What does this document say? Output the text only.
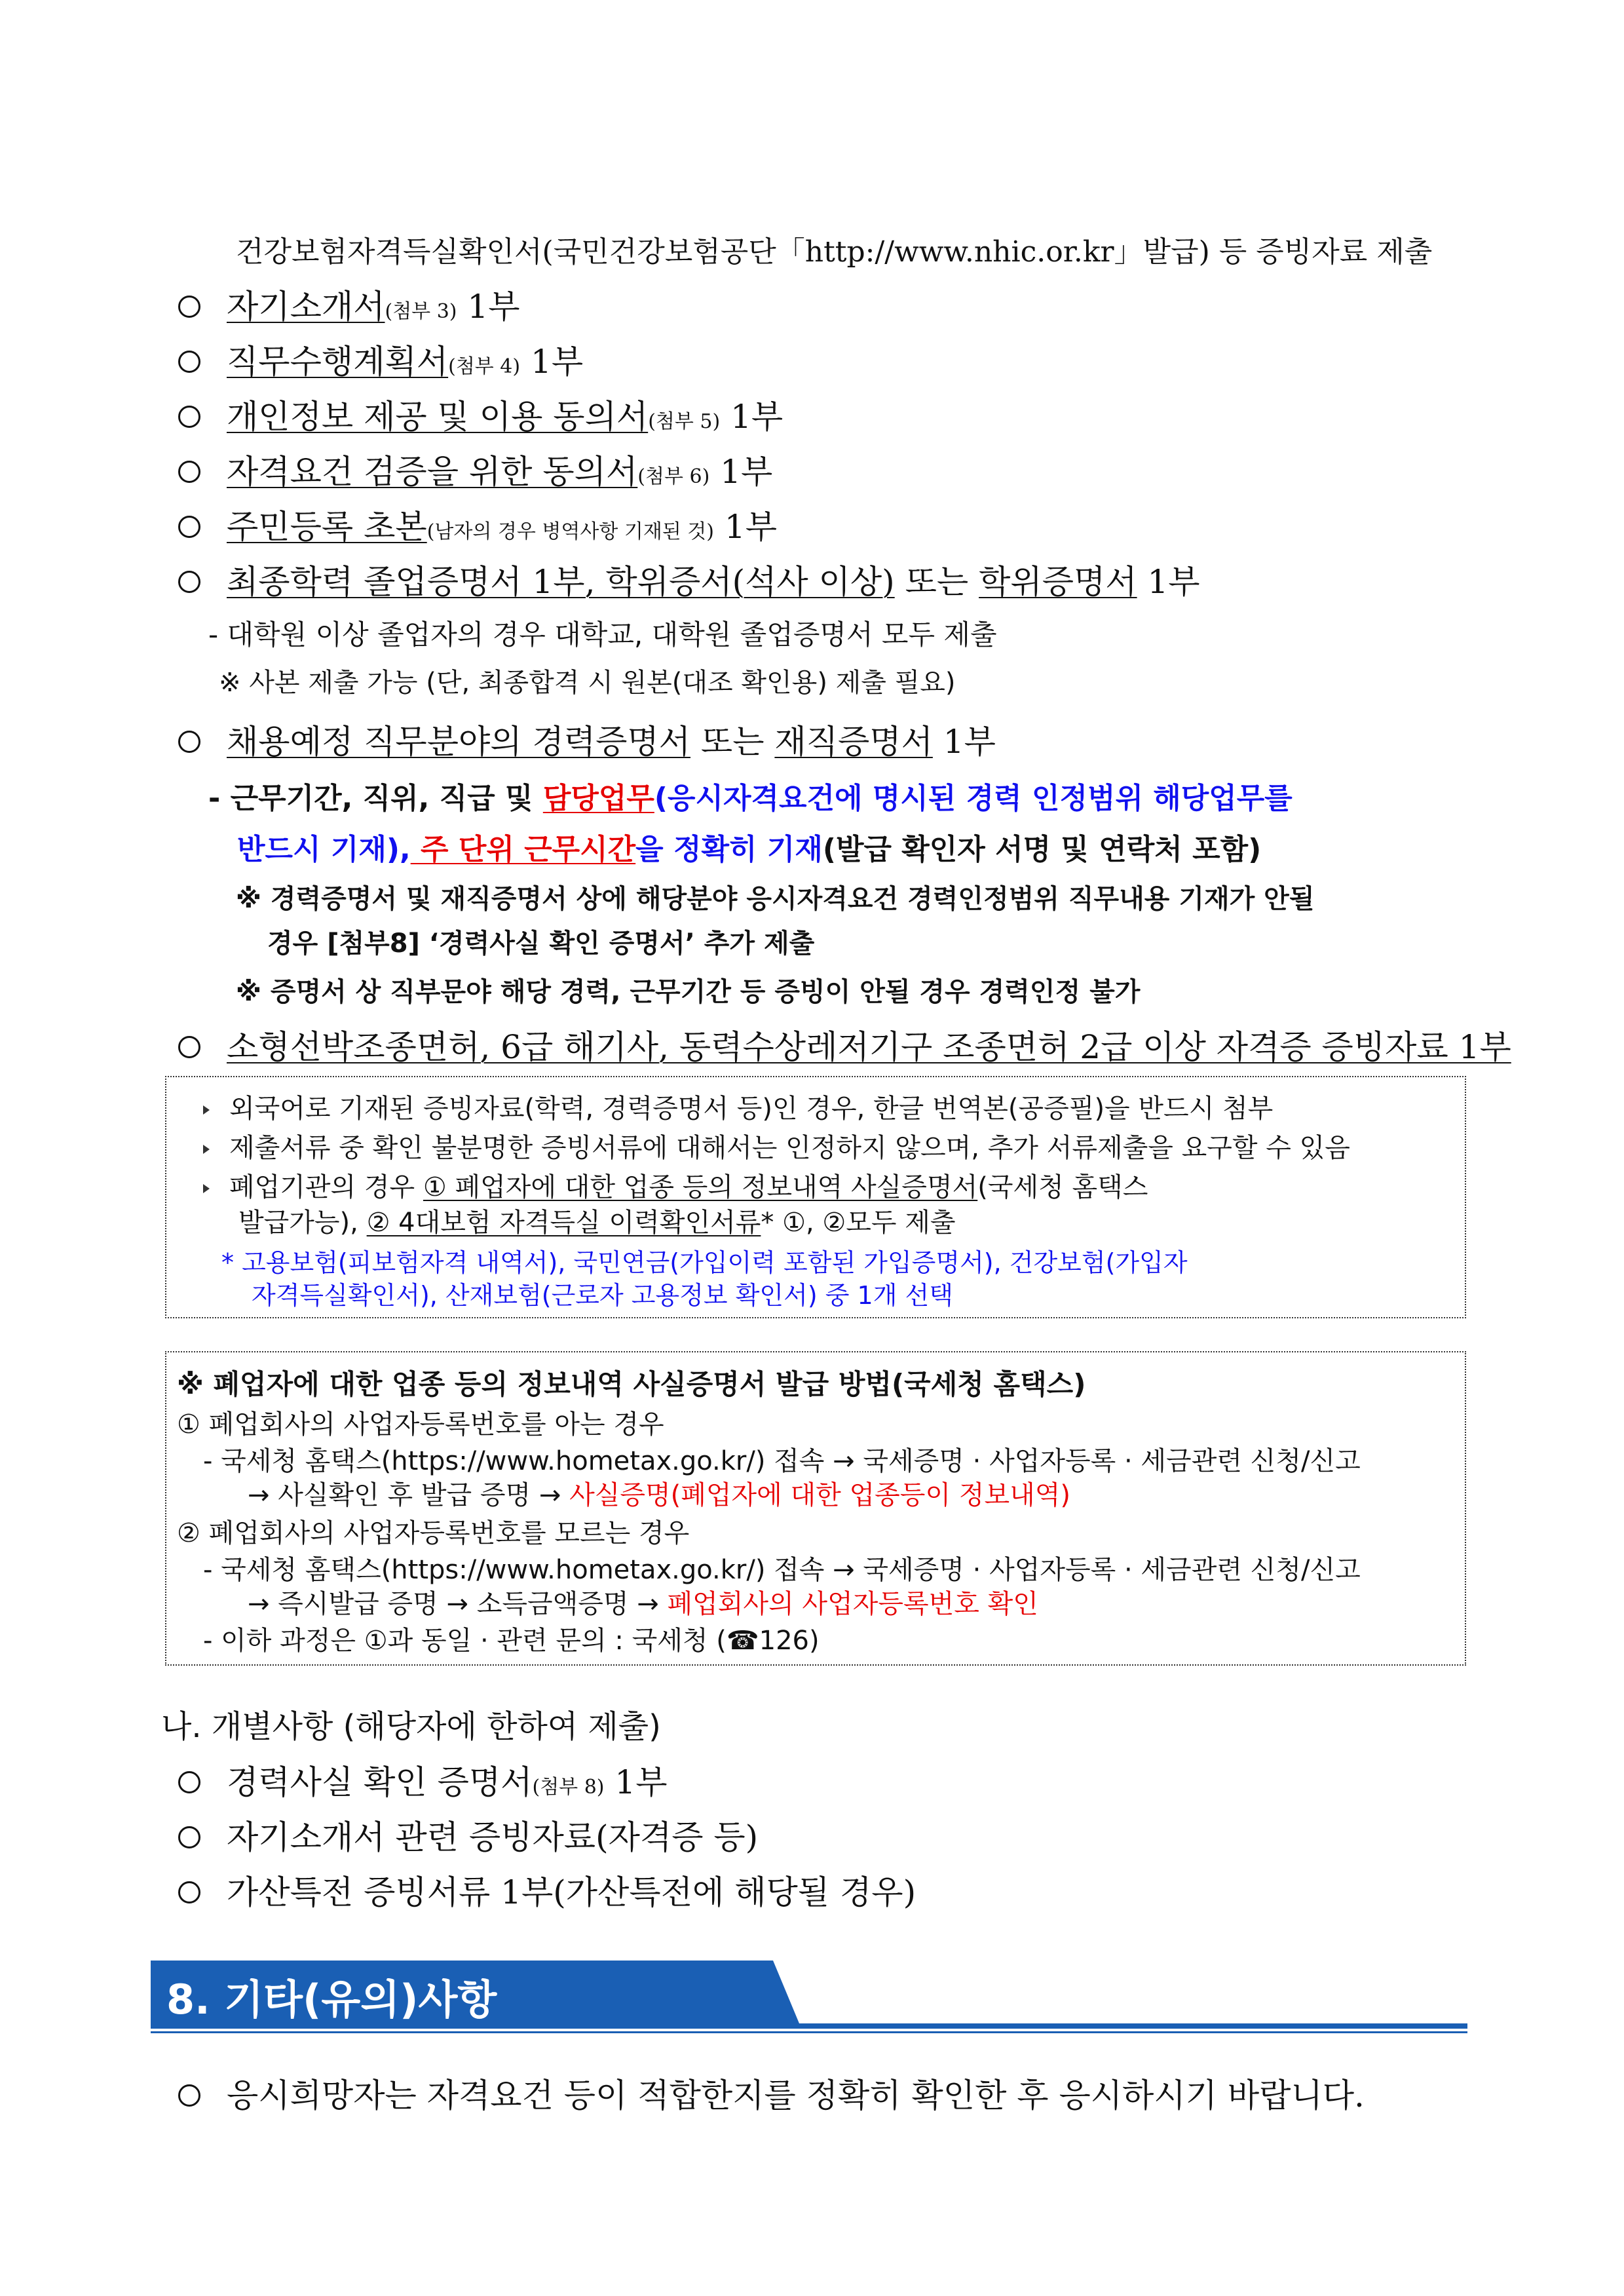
건강보험자격득실확인서(국민건강보험공단「http://www.nhic.or.kr」발급) 등 증빙자료 제출
자기소개서(첨부 3) 1부
직무수행계획서(첨부 4) 1부
개인정보 제공 및 이용 동의서(첨부 5) 1부
자격요건 검증을 위한 동의서(첨부 6) 1부
주민등록 초본(남자의 경우 병역사항 기재된 것) 1부
최종학력 졸업증명서 1부, 학위증서(석사 이상) 또는 학위증명서 1부
- 대학원 이상 졸업자의 경우 대학교, 대학원 졸업증명서 모두 제출
※ 사본 제출 가능 (단, 최종합격 시 원본(대조 확인용) 제출 필요)
채용예정 직무분야의 경력증명서 또는 재직증명서 1부
- 근무기간, 직위, 직급 및 담당업무(응시자격요건에 명시된 경력 인정범위 해당업무를
반드시 기재), 주 단위 근무시간을 정확히 기재(발급 확인자 서명 및 연락처 포함)
※ 경력증명서 및 재직증명서 상에 해당분야 응시자격요건 경력인정범위 직무내용 기재가 안될
경우 [첨부8] ‘경력사실 확인 증명서’ 추가 제출
※ 증명서 상 직부문야 해당 경력, 근무기간 등 증빙이 안될 경우 경력인정 불가
소형선박조종면허, 6급 해기사, 동력수상레저기구 조종면허 2급 이상 자격증 증빙자료 1부
외국어로 기재된 증빙자료(학력, 경력증명서 등)인 경우, 한글 번역본(공증필)을 반드시 첨부
제출서류 중 확인 불분명한 증빙서류에 대해서는 인정하지 않으며, 추가 서류제출을 요구할 수 있음
폐업기관의 경우 ① 폐업자에 대한 업종 등의 정보내역 사실증명서(국세청 홈택스
발급가능), ② 4대보험 자격득실 이력확인서류* ①, ②모두 제출
* 고용보험(피보험자격 내역서), 국민연금(가입이력 포함된 가입증명서), 건강보험(가입자
자격득실확인서), 산재보험(근로자 고용정보 확인서) 중 1개 선택
※ 폐업자에 대한 업종 등의 정보내역 사실증명서 발급 방법(국세청 홈택스)
① 폐업회사의 사업자등록번호를 아는 경우
- 국세청 홈택스(https://www.hometax.go.kr/) 접속 → 국세증명 · 사업자등록 · 세금관련 신청/신고
→ 사실확인 후 발급 증명 → 사실증명(폐업자에 대한 업종등이 정보내역)
② 폐업회사의 사업자등록번호를 모르는 경우
- 국세청 홈택스(https://www.hometax.go.kr/) 접속 → 국세증명 · 사업자등록 · 세금관련 신청/신고
→ 즉시발급 증명 → 소득금액증명 → 폐업회사의 사업자등록번호 확인
- 이하 과정은 ①과 동일 · 관련 문의 : 국세청 (☎126)
나. 개별사항 (해당자에 한하여 제출)
경력사실 확인 증명서(첨부 8) 1부
자기소개서 관련 증빙자료(자격증 등)
가산특전 증빙서류 1부(가산특전에 해당될 경우)
8. 기타(유의)사항
응시희망자는 자격요건 등이 적합한지를 정확히 확인한 후 응시하시기 바랍니다.
